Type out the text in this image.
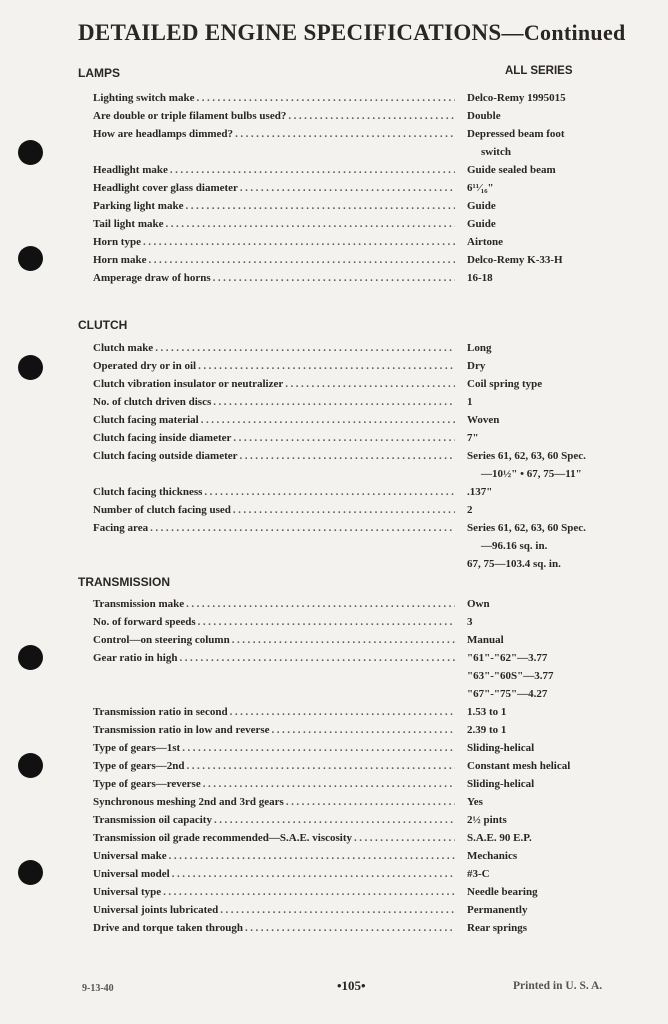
DETAILED ENGINE SPECIFICATIONS—Continued
ALL SERIES
LAMPS
Lighting switch make .....	Delco-Remy 1995015
Are double or triple filament bulbs used? .....	Double
How are headlamps dimmed? .....	Depressed beam foot
switch
Headlight make .....	Guide sealed beam
Headlight cover glass diameter .....	6¹¹⁄₁₆"
Parking light make .....	Guide
Tail light make .....	Guide
Horn type .....	Airtone
Horn make .....	Delco-Remy K-33-H
Amperage draw of horns .....	16-18
CLUTCH
Clutch make .....	Long
Operated dry or in oil .....	Dry
Clutch vibration insulator or neutralizer .....	Coil spring type
No. of clutch driven discs .....	1
Clutch facing material .....	Woven
Clutch facing inside diameter .....	7"
Clutch facing outside diameter .....	Series 61, 62, 63, 60 Spec.
—10½" • 67, 75—11"
Clutch facing thickness .....	.137"
Number of clutch facing used .....	2
Facing area .....	Series 61, 62, 63, 60 Spec.
—96.16 sq. in.
67, 75—103.4 sq. in.
TRANSMISSION
Transmission make .....	Own
No. of forward speeds .....	3
Control—on steering column .....	Manual
Gear ratio in high .....	"61"-"62"—3.77
"63"-"60S"—3.77
"67"-"75"—4.27
Transmission ratio in second .....	1.53 to 1
Transmission ratio in low and reverse .....	2.39 to 1
Type of gears—1st .....	Sliding-helical
Type of gears—2nd .....	Constant mesh helical
Type of gears—reverse .....	Sliding-helical
Synchronous meshing 2nd and 3rd gears .....	Yes
Transmission oil capacity .....	2½ pints
Transmission oil grade recommended—S.A.E. viscosity .....	S.A.E. 90 E.P.
Universal make .....	Mechanics
Universal model .....	#3-C
Universal type .....	Needle bearing
Universal joints lubricated .....	Permanently
Drive and torque taken through .....	Rear springs
9-13-40	•105•	Printed in U. S. A.
